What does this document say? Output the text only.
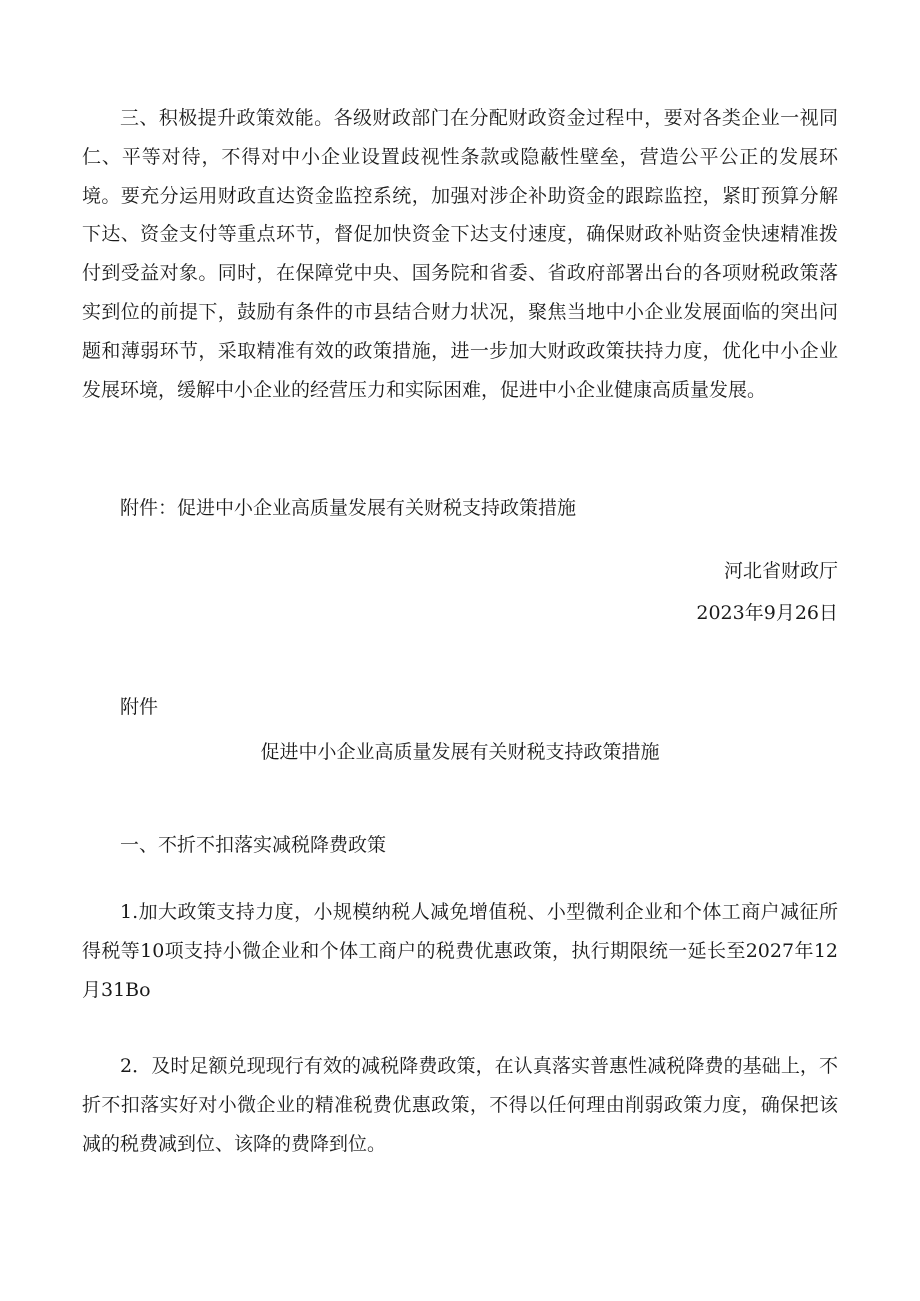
三、积极提升政策效能。各级财政部门在分配财政资金过程中，要对各类企业一视同仁、平等对待，不得对中小企业设置歧视性条款或隐蔽性壁垒，营造公平公正的发展环境。要充分运用财政直达资金监控系统，加强对涉企补助资金的跟踪监控，紧盯预算分解下达、资金支付等重点环节，督促加快资金下达支付速度，确保财政补贴资金快速精准拨付到受益对象。同时，在保障党中央、国务院和省委、省政府部署出台的各项财税政策落实到位的前提下，鼓励有条件的市县结合财力状况，聚焦当地中小企业发展面临的突出问题和薄弱环节，采取精准有效的政策措施，进一步加大财政政策扶持力度，优化中小企业发展环境，缓解中小企业的经营压力和实际困难，促进中小企业健康高质量发展。

附件：促进中小企业高质量发展有关财税支持政策措施

河北省财政厅

2023年9月26日

附件

促进中小企业高质量发展有关财税支持政策措施

一、不折不扣落实减税降费政策

1.加大政策支持力度，小规模纳税人减免增值税、小型微利企业和个体工商户减征所得税等10项支持小微企业和个体工商户的税费优惠政策，执行期限统一延长至2027年12月31Bo

2．及时足额兑现现行有效的减税降费政策，在认真落实普惠性减税降费的基础上，不折不扣落实好对小微企业的精准税费优惠政策，不得以任何理由削弱政策力度，确保把该减的税费减到位、该降的费降到位。
